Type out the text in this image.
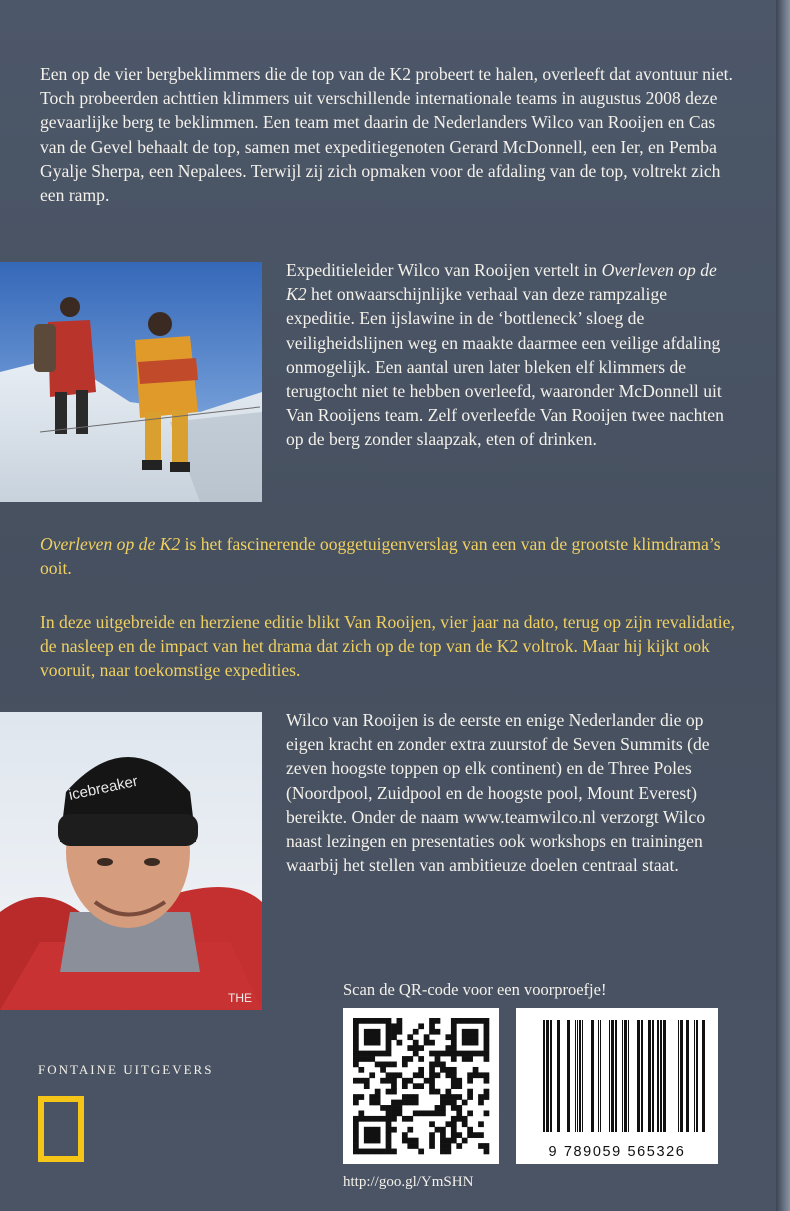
Een op de vier bergbeklimmers die de top van de K2 probeert te halen, overleeft dat avontuur niet. Toch probeerden achttien klimmers uit verschillende internationale teams in augustus 2008 deze gevaarlijke berg te beklimmen. Een team met daarin de Nederlanders Wilco van Rooijen en Cas van de Gevel behaalt de top, samen met expeditiegenoten Gerard McDonnell, een Ier, en Pemba Gyalje Sherpa, een Nepalees. Terwijl zij zich opmaken voor de afdaling van de top, voltrekt zich een ramp.

Expeditieleider Wilco van Rooijen vertelt in Overleven op de K2 het onwaarschijnlijke verhaal van deze rampzalige expeditie. Een ijslawine in de ‘bottleneck’ sloeg de veiligheidslijnen weg en maakte daarmee een veilige afdaling onmogelijk. Een aantal uren later bleken elf klimmers de terugtocht niet te hebben overleefd, waaronder McDonnell uit Van Rooijens team. Zelf overleefde Van Rooijen twee nachten op de berg zonder slaapzak, eten of drinken.

Overleven op de K2 is het fascinerende ooggetuigenverslag van een van de grootste klimdrama’s ooit.

In deze uitgebreide en herziene editie blikt Van Rooijen, vier jaar na dato, terug op zijn revalidatie, de nasleep en de impact van het drama dat zich op de top van de K2 voltrok. Maar hij kijkt ook vooruit, naar toekomstige expedities.

icebreaker
THE

Wilco van Rooijen is de eerste en enige Nederlander die op eigen kracht en zonder extra zuurstof de Seven Summits (de zeven hoogste toppen op elk continent) en de Three Poles (Noordpool, Zuidpool en de hoogste pool, Mount Everest) bereikte. Onder de naam www.teamwilco.nl verzorgt Wilco naast lezingen en presentaties ook workshops en trainingen waarbij het stellen van ambitieuze doelen centraal staat.

Scan de QR-code voor een voorproefje!

9 789059 565326

http://goo.gl/YmSHN

FONTAINE UITGEVERS
